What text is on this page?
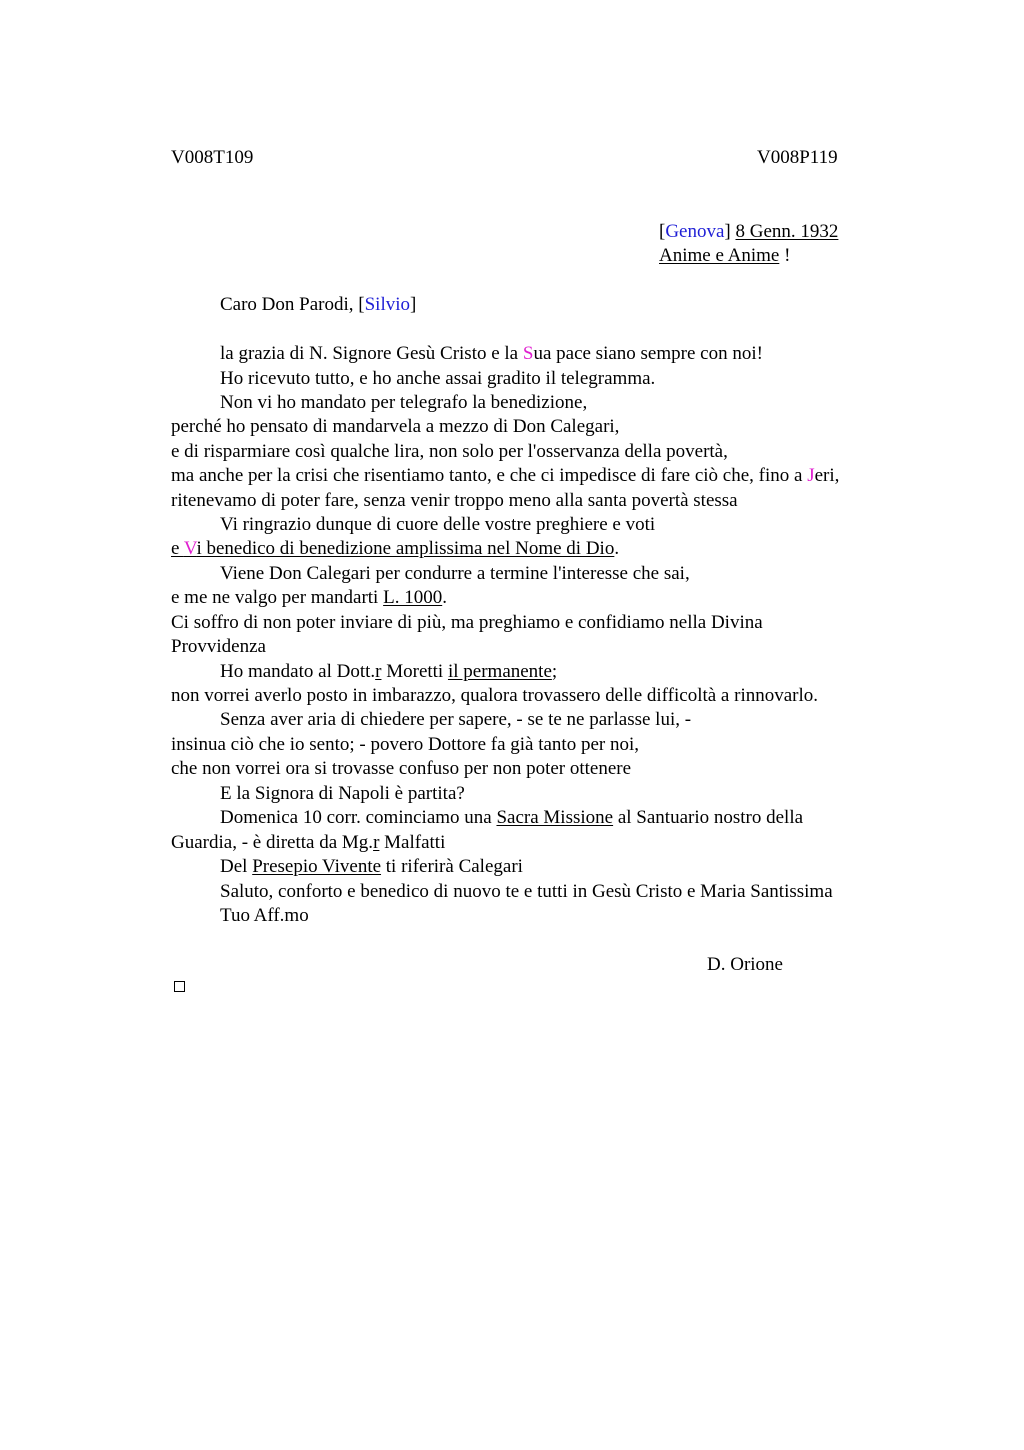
V008T109	V008P119
[Genova] 8 Genn. 1932
Anime e Anime !
Caro Don Parodi, [Silvio]
la grazia di N. Signore Gesù Cristo e la Sua pace siano sempre con noi!
Ho ricevuto tutto, e ho anche assai gradito il telegramma.
Non vi ho mandato per telegrafo la benedizione,
perché ho pensato di mandarvela a mezzo di Don Calegari,
e di risparmiare così qualche lira, non solo per l'osservanza della povertà,
ma anche per la crisi che risentiamo tanto, e che ci impedisce di fare ciò che, fino a Jeri,
ritenevamo di poter fare, senza venir troppo meno alla santa povertà stessa
Vi ringrazio dunque di cuore delle vostre preghiere e voti
e Vi benedico di benedizione amplissima nel Nome di Dio.
Viene Don Calegari per condurre a termine l'interesse che sai,
e me ne valgo per mandarti L. 1000.
Ci soffro di non poter inviare di più, ma preghiamo e confidiamo nella Divina
Provvidenza
Ho mandato al Dott.r Moretti il permanente;
non vorrei averlo posto in imbarazzo, qualora trovassero delle difficoltà a rinnovarlo.
Senza aver aria di chiedere per sapere, - se te ne parlasse lui, -
insinua ciò che io sento; - povero Dottore fa già tanto per noi,
che non vorrei ora si trovasse confuso per non poter ottenere
E la Signora di Napoli è partita?
Domenica 10 corr. cominciamo una Sacra Missione al Santuario nostro della
Guardia, - è diretta da Mg.r Malfatti
Del Presepio Vivente ti riferirà Calegari
Saluto, conforto e benedico di nuovo te e tutti in Gesù Cristo e Maria Santissima
Tuo Aff.mo
D. Orione
